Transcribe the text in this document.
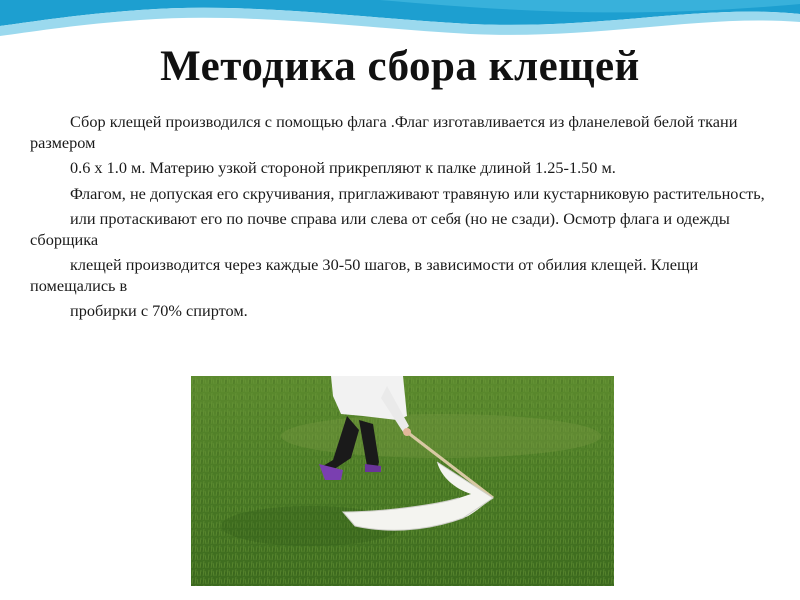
Методика сбора клещей

Сбор клещей производился с помощью флага .Флаг изготавливается из фланелевой белой ткани размером

0.6 х 1.0 м. Материю узкой стороной прикрепляют к палке длиной 1.25-1.50 м.

Флагом, не допуская его скручивания, приглаживают травяную или кустарниковую растительность,

или протаскивают его по почве справа или слева от себя (но не сзади). Осмотр флага и одежды сборщика

клещей производится через каждые 30-50 шагов, в зависимости от обилия клещей. Клещи помещались в

пробирки с 70% спиртом.
